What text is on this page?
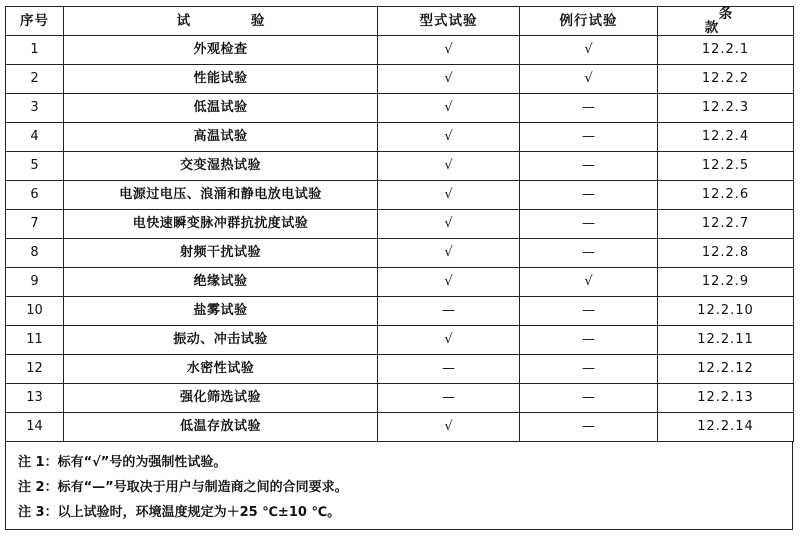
序号	试 验	型式试验	例行试验	条 款
1	外观检查	√	√	12.2.1
2	性能试验	√	√	12.2.2
3	低温试验	√	—	12.2.3
4	高温试验	√	—	12.2.4
5	交变湿热试验	√	—	12.2.5
6	电源过电压、浪涌和静电放电试验	√	—	12.2.6
7	电快速瞬变脉冲群抗扰度试验	√	—	12.2.7
8	射频干扰试验	√	—	12.2.8
9	绝缘试验	√	√	12.2.9
10	盐雾试验	—	—	12.2.10
11	振动、冲击试验	√	—	12.2.11
12	水密性试验	—	—	12.2.12
13	强化筛选试验	—	—	12.2.13
14	低温存放试验	√	—	12.2.14
注 1：标有“√”号的为强制性试验。
注 2：标有“—”号取决于用户与制造商之间的合同要求。
注 3：以上试验时，环境温度规定为＋25 ℃±10 ℃。
